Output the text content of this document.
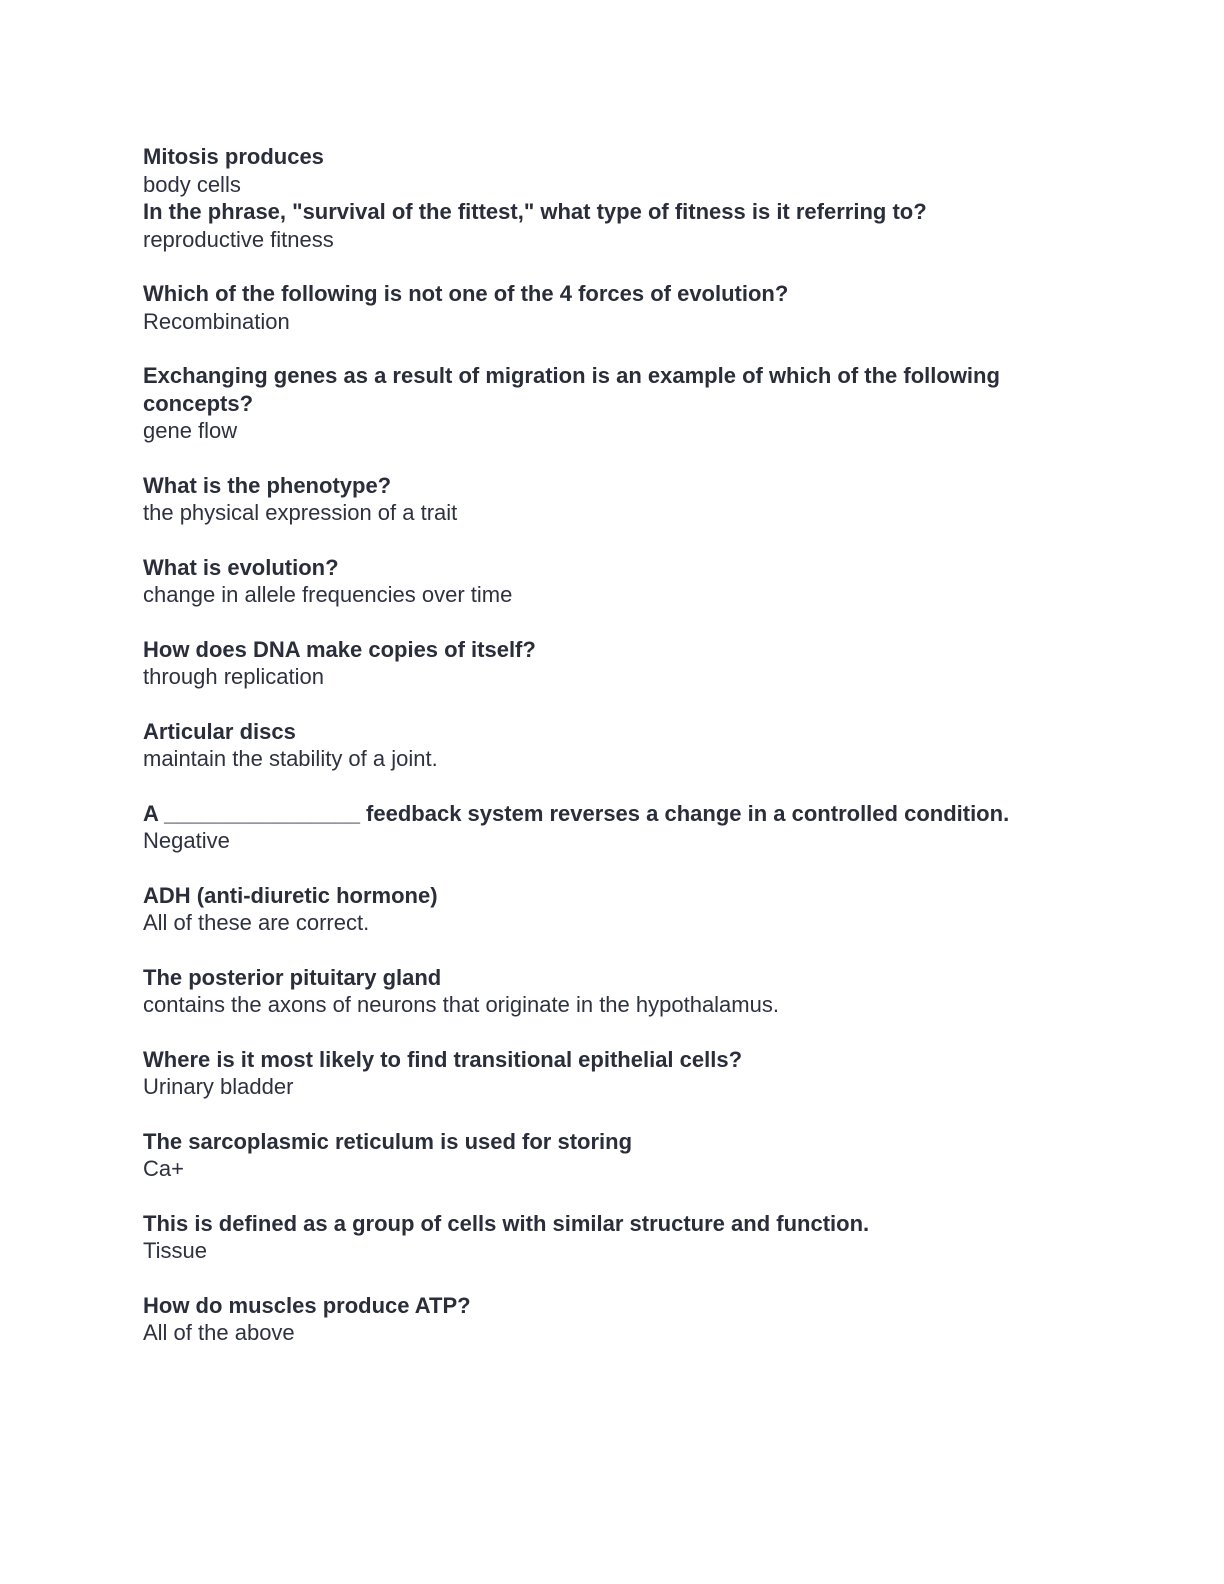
Mitosis produces
body cells
In the phrase, "survival of the fittest," what type of fitness is it referring to?
reproductive fitness
Which of the following is not one of the 4 forces of evolution?
Recombination
Exchanging genes as a result of migration is an example of which of the following concepts?
gene flow
What is the phenotype?
the physical expression of a trait
What is evolution?
change in allele frequencies over time
How does DNA make copies of itself?
through replication
Articular discs
maintain the stability of a joint.
A ________________ feedback system reverses a change in a controlled condition.
Negative
ADH (anti-diuretic hormone)
All of these are correct.
The posterior pituitary gland
contains the axons of neurons that originate in the hypothalamus.
Where is it most likely to find transitional epithelial cells?
Urinary bladder
The sarcoplasmic reticulum is used for storing
Ca+
This is defined as a group of cells with similar structure and function.
Tissue
How do muscles produce ATP?
All of the above
